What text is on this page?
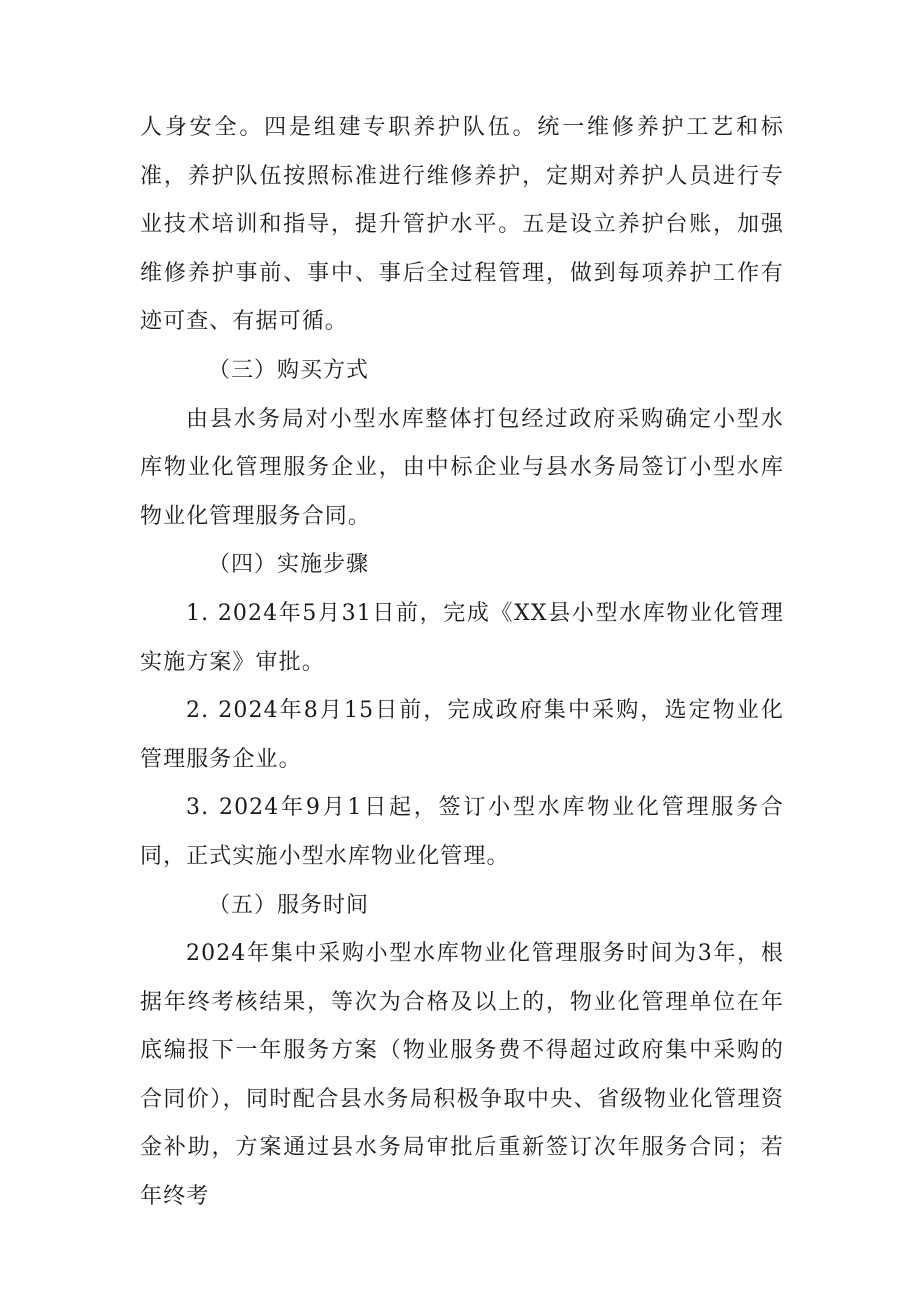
人身安全。四是组建专职养护队伍。统一维修养护工艺和标准，养护队伍按照标准进行维修养护，定期对养护人员进行专业技术培训和指导，提升管护水平。五是设立养护台账，加强维修养护事前、事中、事后全过程管理，做到每项养护工作有迹可查、有据可循。

（三）购买方式

由县水务局对小型水库整体打包经过政府采购确定小型水库物业化管理服务企业，由中标企业与县水务局签订小型水库物业化管理服务合同。

（四）实施步骤

1. 2024年5月31日前，完成《XX县小型水库物业化管理实施方案》审批。

2. 2024年8月15日前，完成政府集中采购，选定物业化管理服务企业。

3. 2024年9月1日起，签订小型水库物业化管理服务合同，正式实施小型水库物业化管理。

（五）服务时间

2024年集中采购小型水库物业化管理服务时间为3年，根据年终考核结果，等次为合格及以上的，物业化管理单位在年底编报下一年服务方案（物业服务费不得超过政府集中采购的合同价），同时配合县水务局积极争取中央、省级物业化管理资金补助，方案通过县水务局审批后重新签订次年服务合同；若年终考
